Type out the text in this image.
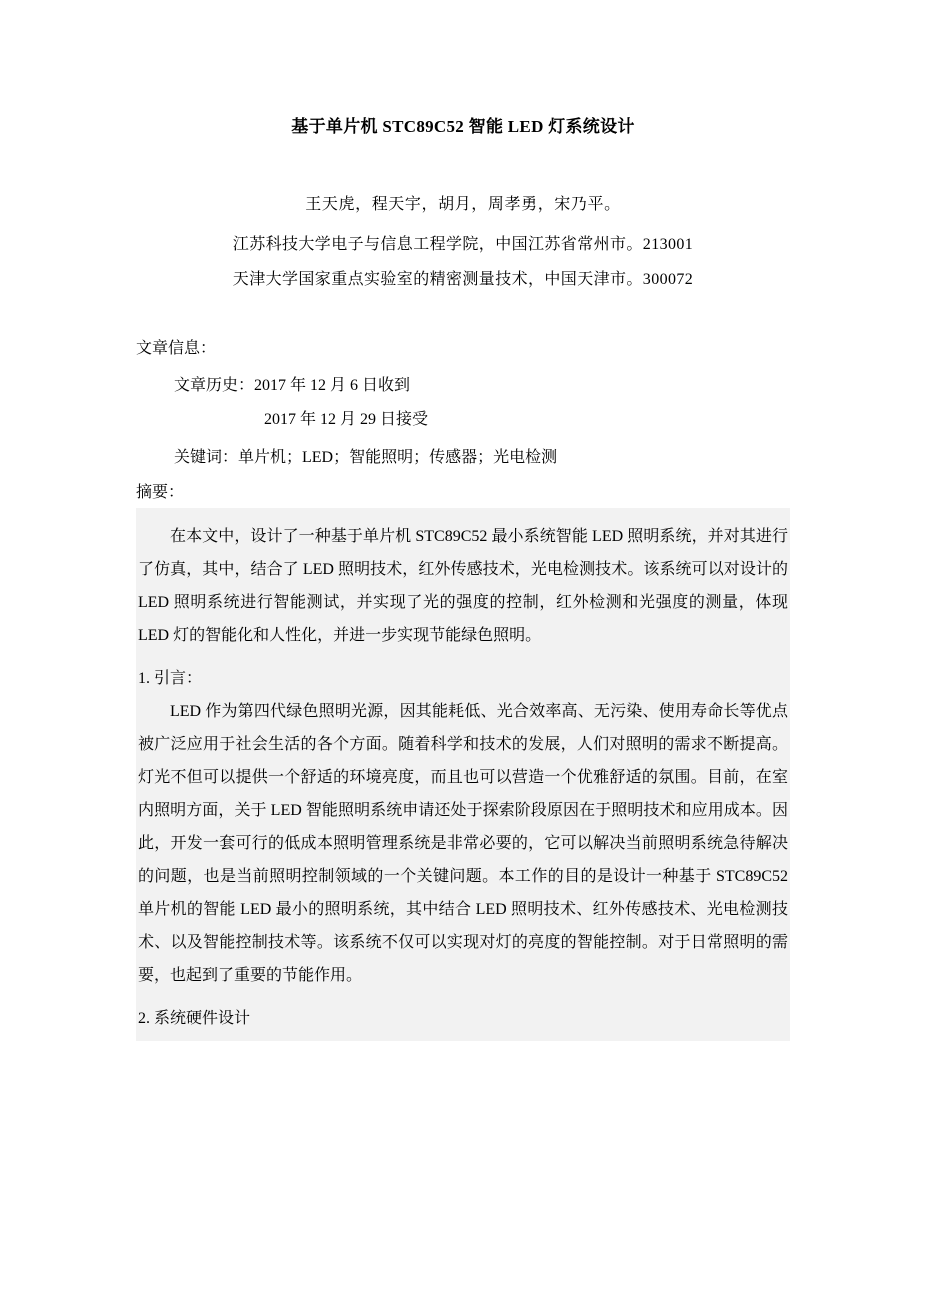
基于单片机 STC89C52 智能 LED 灯系统设计
王天虎，程天宇，胡月，周孝勇，宋乃平。
江苏科技大学电子与信息工程学院，中国江苏省常州市。213001
天津大学国家重点实验室的精密测量技术，中国天津市。300072
文章信息：
文章历史：2017 年 12 月 6 日收到
2017 年 12 月 29 日接受
关键词：单片机；LED；智能照明；传感器；光电检测
摘要：

在本文中，设计了一种基于单片机 STC89C52 最小系统智能 LED 照明系统，并对其进行了仿真，其中，结合了 LED 照明技术，红外传感技术，光电检测技术。该系统可以对设计的 LED 照明系统进行智能测试，并实现了光的强度的控制，红外检测和光强度的测量，体现 LED 灯的智能化和人性化，并进一步实现节能绿色照明。

1. 引言：

LED 作为第四代绿色照明光源，因其能耗低、光合效率高、无污染、使用寿命长等优点被广泛应用于社会生活的各个方面。随着科学和技术的发展，人们对照明的需求不断提高。灯光不但可以提供一个舒适的环境亮度，而且也可以营造一个优雅舒适的氛围。目前，在室内照明方面，关于 LED 智能照明系统申请还处于探索阶段原因在于照明技术和应用成本。因此，开发一套可行的低成本照明管理系统是非常必要的，它可以解决当前照明系统急待解决的问题，也是当前照明控制领域的一个关键问题。本工作的目的是设计一种基于 STC89C52 单片机的智能 LED 最小的照明系统，其中结合 LED 照明技术、红外传感技术、光电检测技术、以及智能控制技术等。该系统不仅可以实现对灯的亮度的智能控制。对于日常照明的需要，也起到了重要的节能作用。

2. 系统硬件设计
